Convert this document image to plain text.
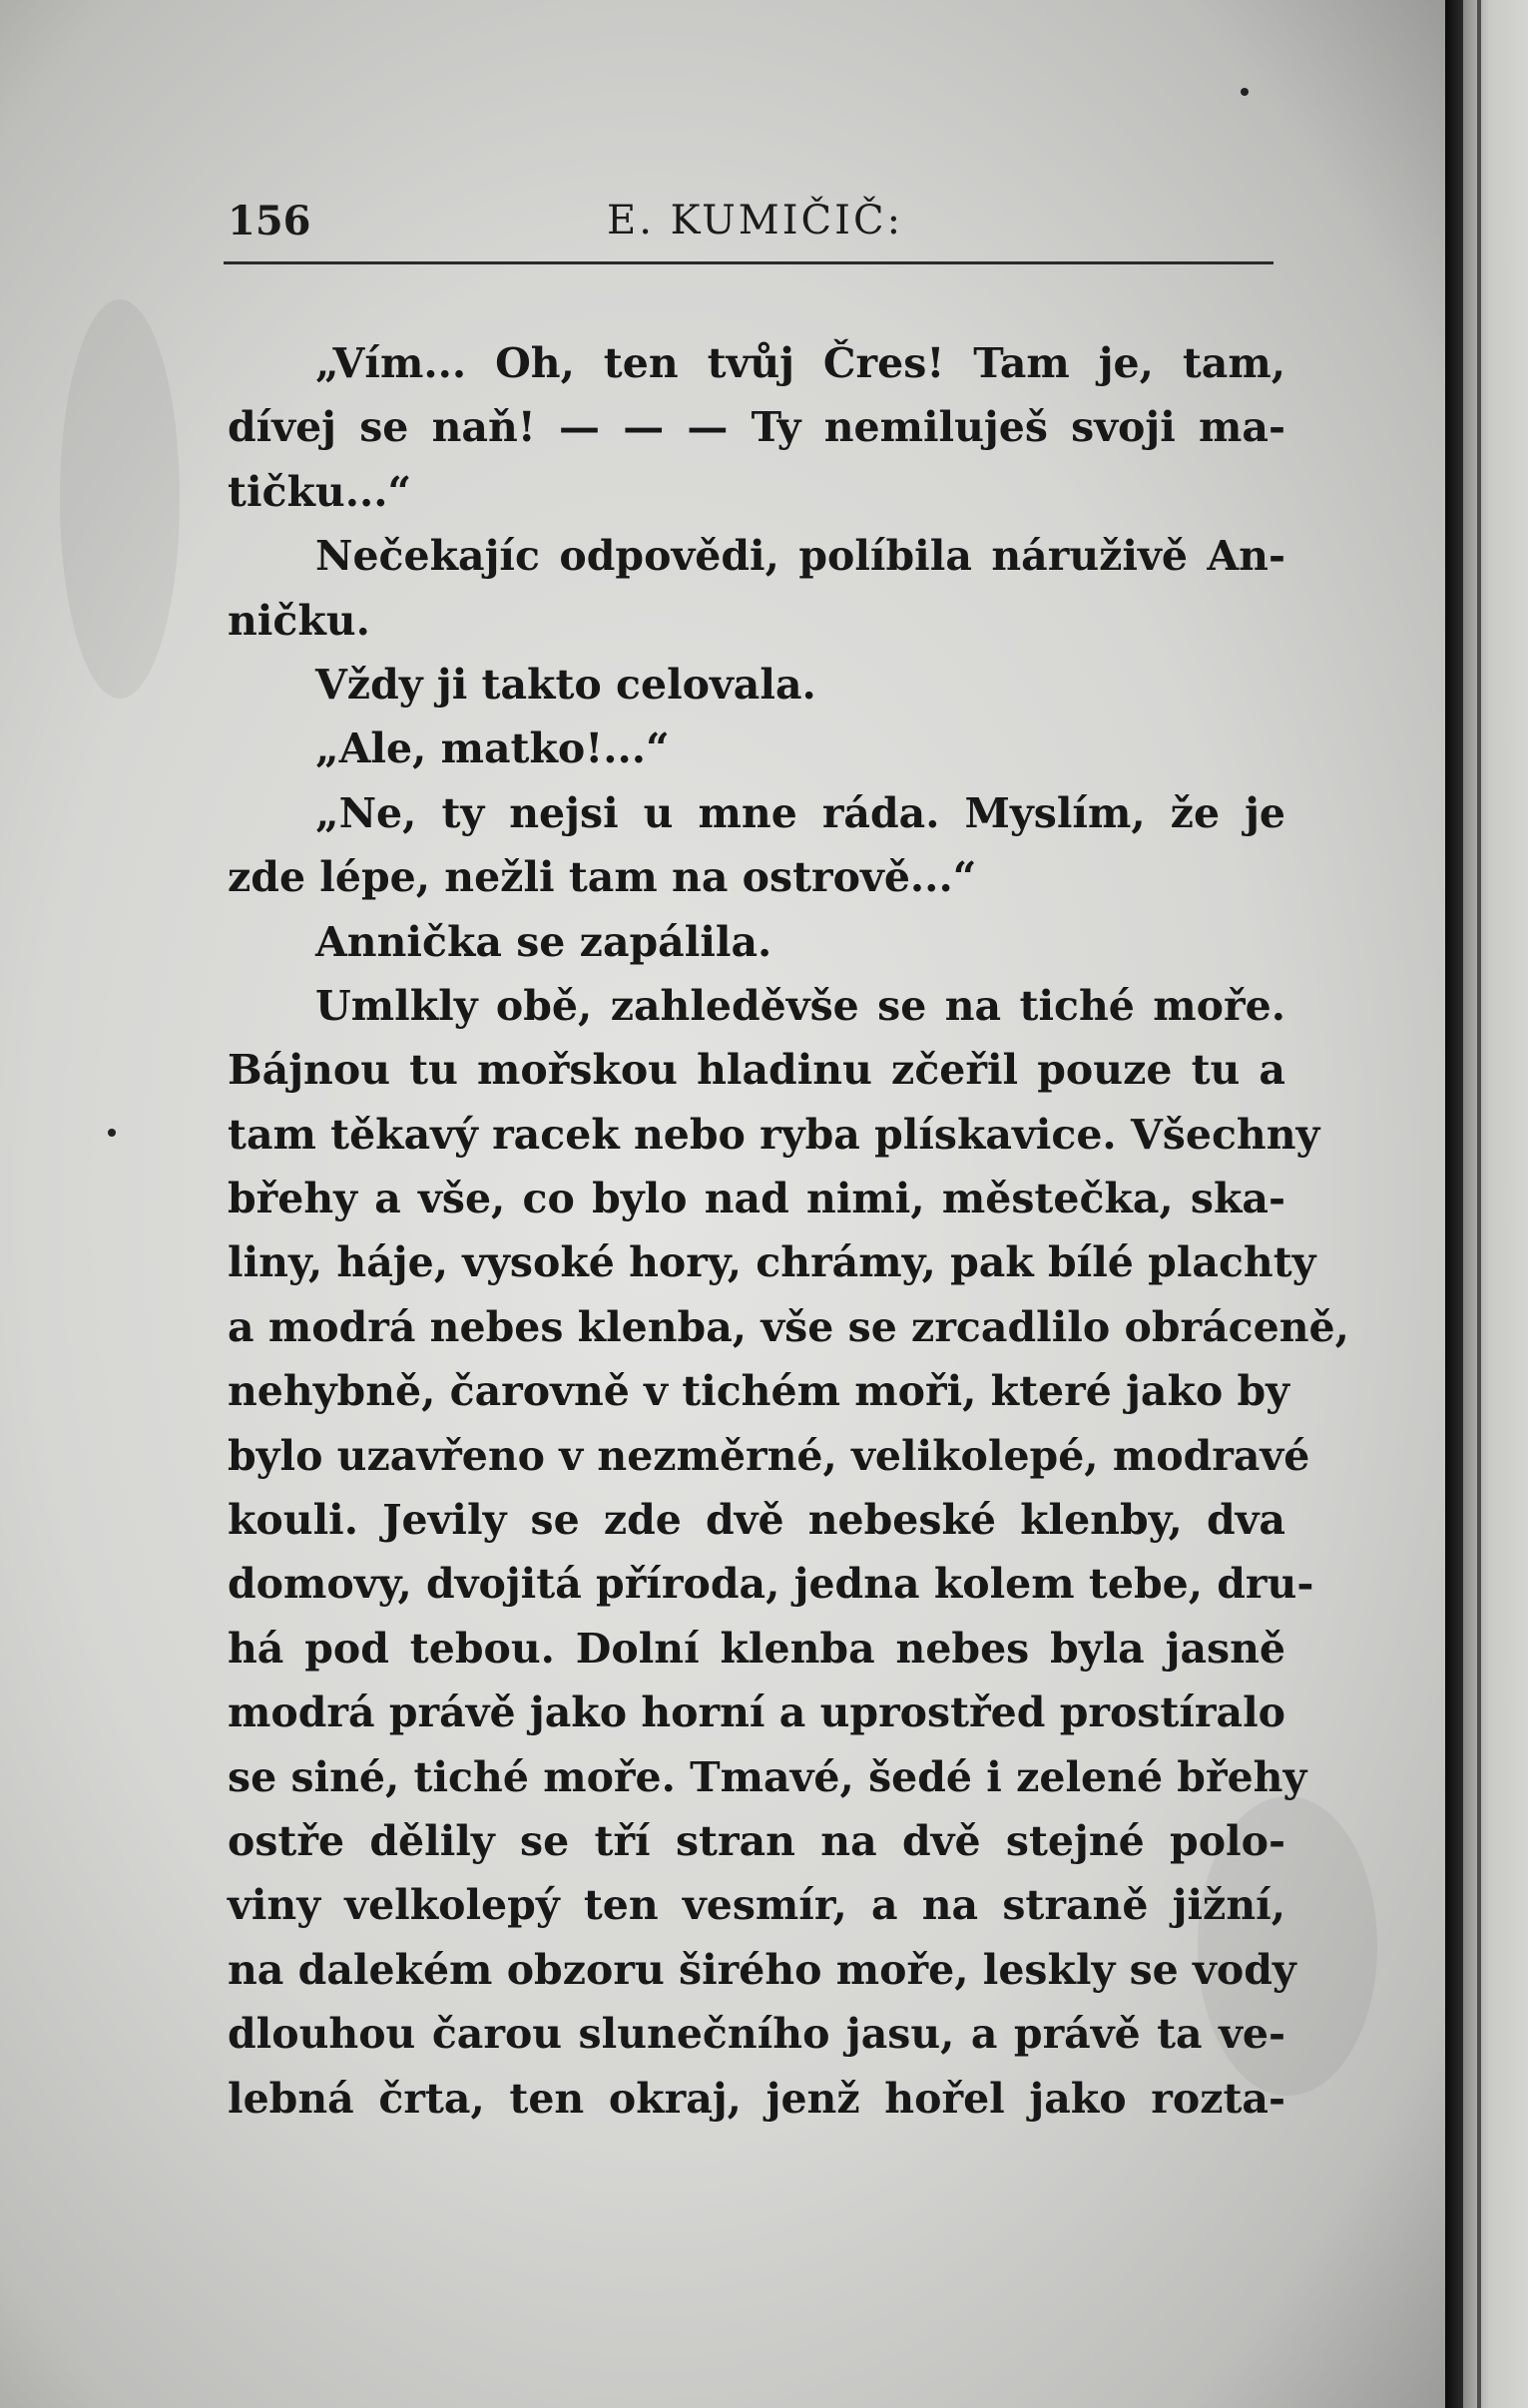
156	E. KUMIČIČ:
„Vím... Oh, ten tvůj Čres! Tam je, tam,
dívej se naň! — — — Ty nemiluješ svoji ma-
tičku...“
Nečekajíc odpovědi, políbila náruživě An-
ničku.
Vždy ji takto celovala.
„Ale, matko!...“
„Ne, ty nejsi u mne ráda. Myslím, že je
zde lépe, nežli tam na ostrově...“
Annička se zapálila.
Umlkly obě, zahleděvše se na tiché moře.
Bájnou tu mořskou hladinu zčeřil pouze tu a
tam těkavý racek nebo ryba plískavice. Všechny
břehy a vše, co bylo nad nimi, městečka, ska-
liny, háje, vysoké hory, chrámy, pak bílé plachty
a modrá nebes klenba, vše se zrcadlilo obráceně,
nehybně, čarovně v tichém moři, které jako by
bylo uzavřeno v nezměrné, velikolepé, modravé
kouli. Jevily se zde dvě nebeské klenby, dva
domovy, dvojitá příroda, jedna kolem tebe, dru-
há pod tebou. Dolní klenba nebes byla jasně
modrá právě jako horní a uprostřed prostíralo
se siné, tiché moře. Tmavé, šedé i zelené břehy
ostře dělily se tří stran na dvě stejné polo-
viny velkolepý ten vesmír, a na straně jižní,
na dalekém obzoru širého moře, leskly se vody
dlouhou čarou slunečního jasu, a právě ta ve-
lebná črta, ten okraj, jenž hořel jako rozta-
